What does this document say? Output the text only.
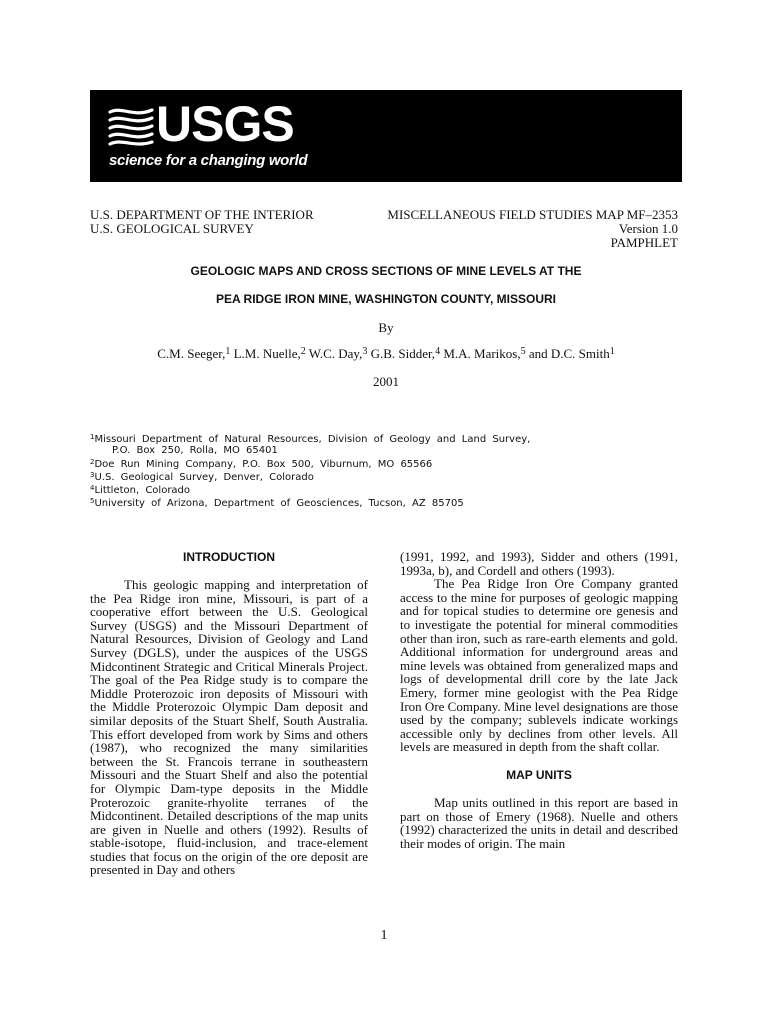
USGS
science for a changing world
U.S. DEPARTMENT OF THE INTERIOR
U.S. GEOLOGICAL SURVEY
MISCELLANEOUS FIELD STUDIES MAP MF–2353
Version 1.0
PAMPHLET
GEOLOGIC MAPS AND CROSS SECTIONS OF MINE LEVELS AT THE
PEA RIDGE IRON MINE, WASHINGTON COUNTY, MISSOURI
By
C.M. Seeger,$^1$ L.M. Nuelle,$^2$ W.C. Day,$^3$ G.B. Sidder,$^4$ M.A. Marikos,$^5$ and D.C. Smith$^1$
2001
$^1$Missouri Department of Natural Resources, Division of Geology and Land Survey,
P.O. Box 250, Rolla, MO 65401
$^2$Doe Run Mining Company, P.O. Box 500, Viburnum, MO 65566
$^3$U.S. Geological Survey, Denver, Colorado
$^4$Littleton, Colorado
$^5$University of Arizona, Department of Geosciences, Tucson, AZ 85705
INTRODUCTION

This geologic mapping and interpretation of the Pea Ridge iron mine, Missouri, is part of a cooperative effort between the U.S. Geological Survey (USGS) and the Missouri Department of Natural Resources, Division of Geology and Land Survey (DGLS), under the auspices of the USGS Midcontinent Strategic and Critical Minerals Project. The goal of the Pea Ridge study is to compare the Middle Proterozoic iron deposits of Missouri with the Middle Proterozoic Olympic Dam deposit and similar deposits of the Stuart Shelf, South Australia. This effort developed from work by Sims and others (1987), who recognized the many similarities between the St. Francois terrane in southeastern Missouri and the Stuart Shelf and also the potential for Olympic Dam-type deposits in the Middle Proterozoic granite-rhyolite terranes of the Midcontinent. Detailed descriptions of the map units are given in Nuelle and others (1992). Results of stable-isotope, fluid-inclusion, and trace-element studies that focus on the origin of the ore deposit are presented in Day and others

(1991, 1992, and 1993), Sidder and others (1991, 1993a, b), and Cordell and others (1993).

The Pea Ridge Iron Ore Company granted access to the mine for purposes of geologic mapping and for topical studies to determine ore genesis and to investigate the potential for mineral commodities other than iron, such as rare-earth elements and gold. Additional information for underground areas and mine levels was obtained from generalized maps and logs of developmental drill core by the late Jack Emery, former mine geologist with the Pea Ridge Iron Ore Company. Mine level designations are those used by the company; sublevels indicate workings accessible only by declines from other levels. All levels are measured in depth from the shaft collar.

MAP UNITS

Map units outlined in this report are based in part on those of Emery (1968). Nuelle and others (1992) characterized the units in detail and described their modes of origin. The main

1
